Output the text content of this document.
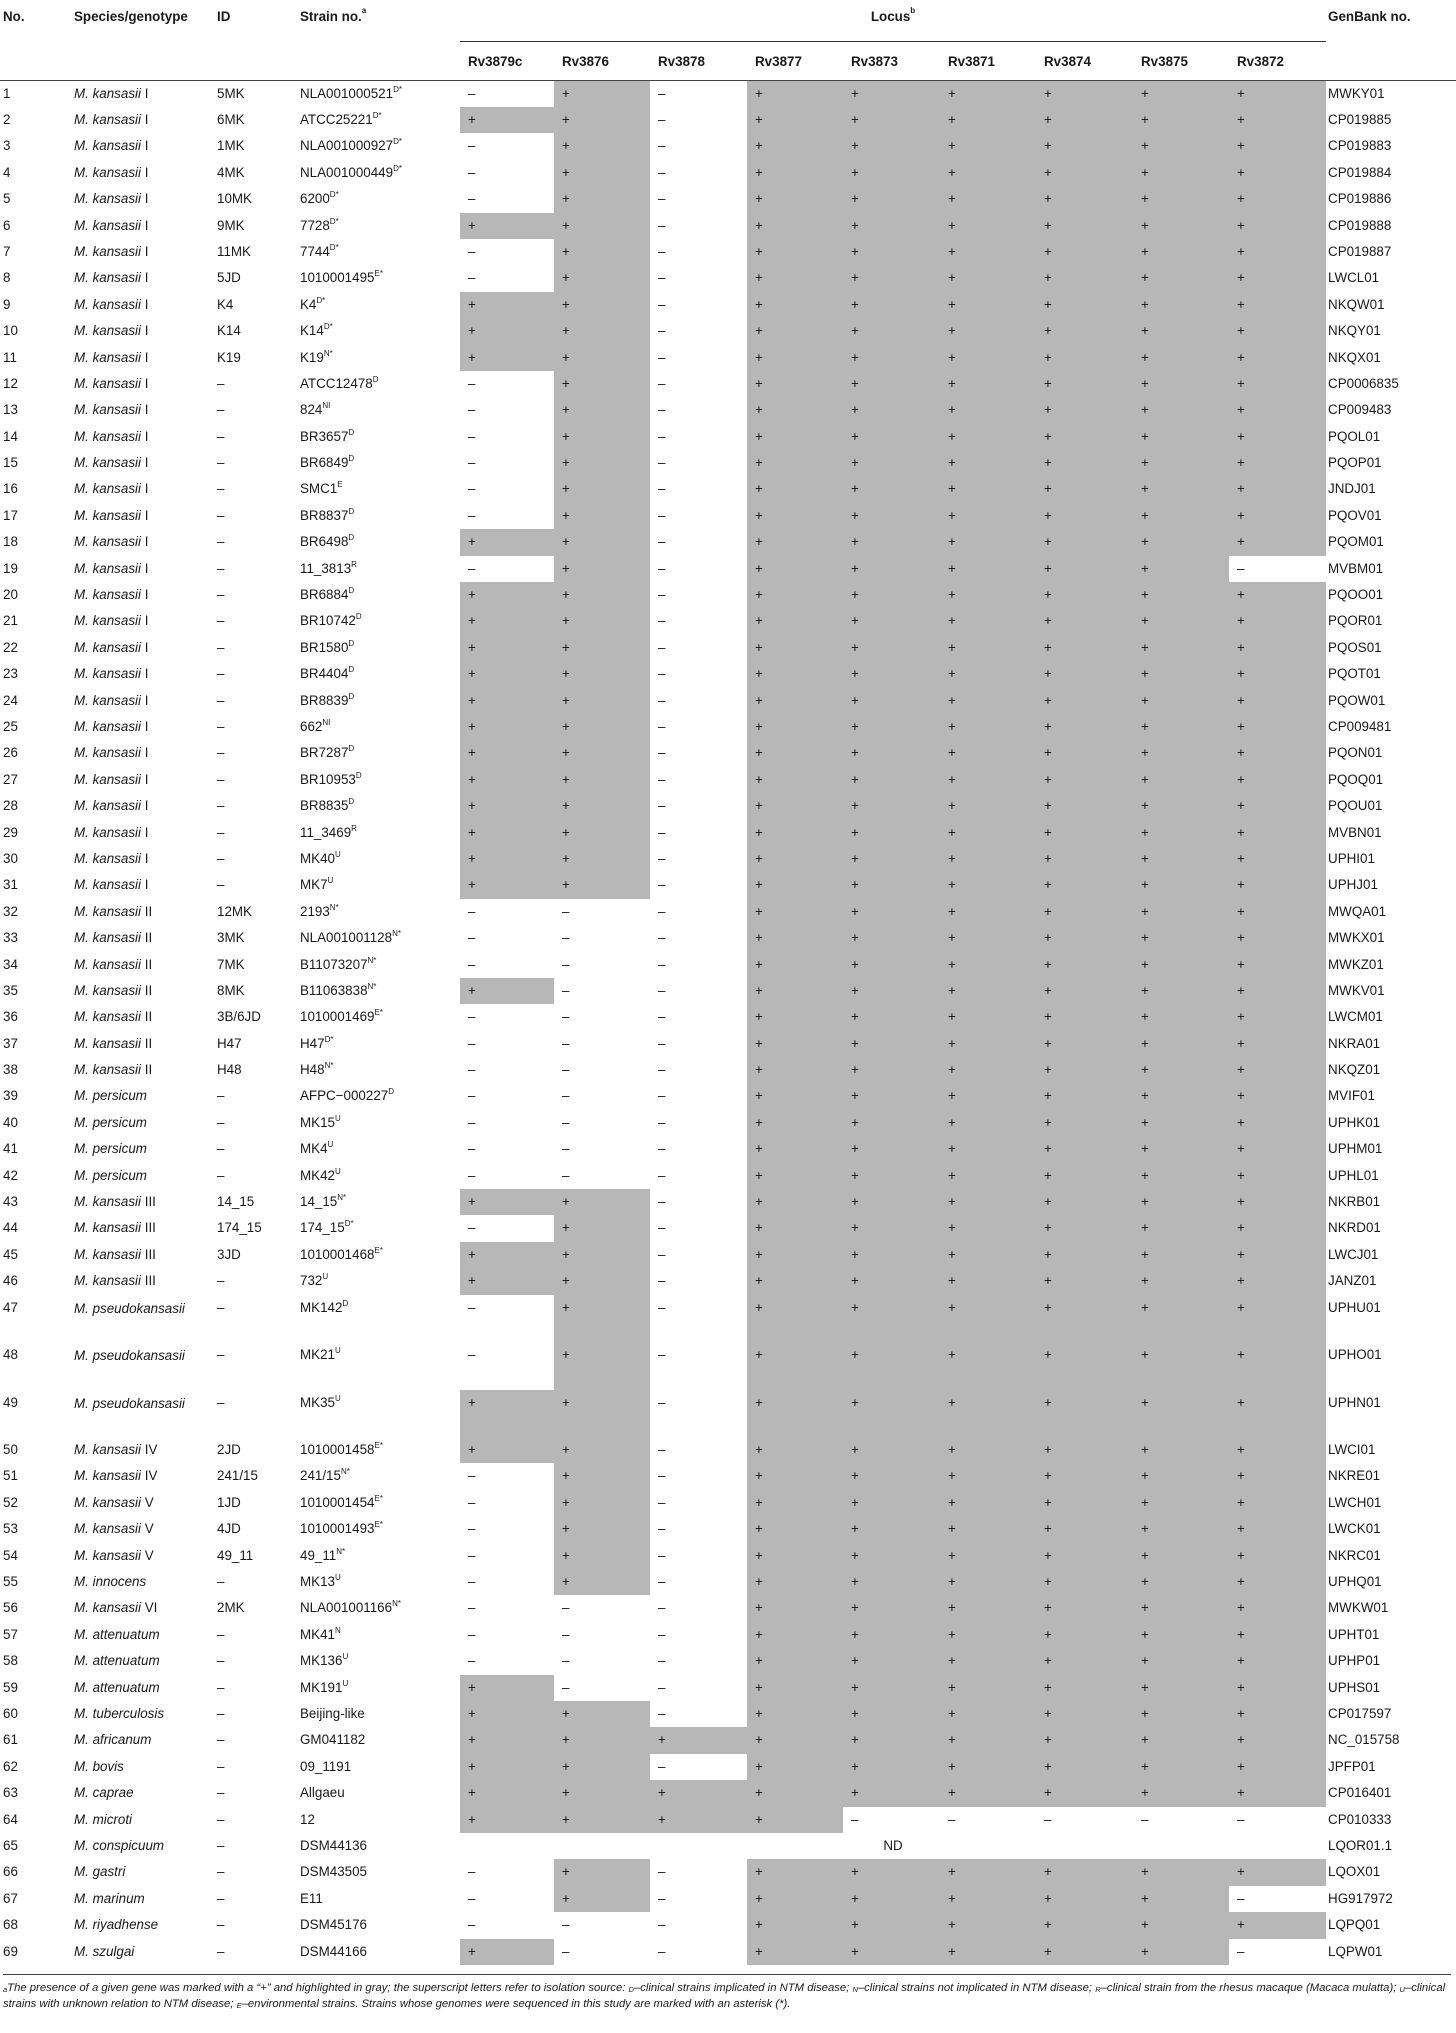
No.	Species/genotype	ID	Strain no.$^a$	Locus$^b$									GenBank no.
				Rv3879c	Rv3876	Rv3878	Rv3877	Rv3873	Rv3871	Rv3874	Rv3875	Rv3872	
1	M. kansasii I	5MK	$NLA001000521^{D*}$	–	+	–	+	+	+	+	+	+	MWKY01
2	M. kansasii I	6MK	$ATCC25221^{D*}$	+	+	–	+	+	+	+	+	+	CP019885
3	M. kansasii I	1MK	$NLA001000927^{D*}$	–	+	–	+	+	+	+	+	+	CP019883
4	M. kansasii I	4MK	$NLA001000449^{D*}$	–	+	–	+	+	+	+	+	+	CP019884
5	M. kansasii I	10MK	$6200^{D*}$	–	+	–	+	+	+	+	+	+	CP019886
6	M. kansasii I	9MK	$7728^{D*}$	+	+	–	+	+	+	+	+	+	CP019888
7	M. kansasii I	11MK	$7744^{D*}$	–	+	–	+	+	+	+	+	+	CP019887
8	M. kansasii I	5JD	$1010001495^{E*}$	–	+	–	+	+	+	+	+	+	LWCL01
9	M. kansasii I	K4	$K4^{D*}$	+	+	–	+	+	+	+	+	+	NKQW01
10	M. kansasii I	K14	$K14^{D*}$	+	+	–	+	+	+	+	+	+	NKQY01
11	M. kansasii I	K19	$K19^{N*}$	+	+	–	+	+	+	+	+	+	NKQX01
12	M. kansasii I	–	$ATCC12478^D$	–	+	–	+	+	+	+	+	+	CP0006835
13	M. kansasii I	–	$824^{NI}$	–	+	–	+	+	+	+	+	+	CP009483
14	M. kansasii I	–	$BR3657^D$	–	+	–	+	+	+	+	+	+	PQOL01
15	M. kansasii I	–	$BR6849^D$	–	+	–	+	+	+	+	+	+	PQOP01
16	M. kansasii I	–	$SMC1^E$	–	+	–	+	+	+	+	+	+	JNDJ01
17	M. kansasii I	–	$BR8837^D$	–	+	–	+	+	+	+	+	+	PQOV01
18	M. kansasii I	–	$BR6498^D$	+	+	–	+	+	+	+	+	+	PQOM01
19	M. kansasii I	–	$11\_3813^R$	–	+	–	+	+	+	+	+	–	MVBM01
20	M. kansasii I	–	$BR6884^D$	+	+	–	+	+	+	+	+	+	PQOO01
21	M. kansasii I	–	$BR10742^D$	+	+	–	+	+	+	+	+	+	PQOR01
22	M. kansasii I	–	$BR1580^D$	+	+	–	+	+	+	+	+	+	PQOS01
23	M. kansasii I	–	$BR4404^D$	+	+	–	+	+	+	+	+	+	PQOT01
24	M. kansasii I	–	$BR8839^D$	+	+	–	+	+	+	+	+	+	PQOW01
25	M. kansasii I	–	$662^{NI}$	+	+	–	+	+	+	+	+	+	CP009481
26	M. kansasii I	–	$BR7287^D$	+	+	–	+	+	+	+	+	+	PQON01
27	M. kansasii I	–	$BR10953^D$	+	+	–	+	+	+	+	+	+	PQOQ01
28	M. kansasii I	–	$BR8835^D$	+	+	–	+	+	+	+	+	+	PQOU01
29	M. kansasii I	–	$11\_3469^R$	+	+	–	+	+	+	+	+	+	MVBN01
30	M. kansasii I	–	$MK40^U$	+	+	–	+	+	+	+	+	+	UPHI01
31	M. kansasii I	–	$MK7^U$	+	+	–	+	+	+	+	+	+	UPHJ01
32	M. kansasii II	12MK	$2193^{N*}$	–	–	–	+	+	+	+	+	+	MWQA01
33	M. kansasii II	3MK	$NLA001001128^{N*}$	–	–	–	+	+	+	+	+	+	MWKX01
34	M. kansasii II	7MK	$B11073207^{N*}$	–	–	–	+	+	+	+	+	+	MWKZ01
35	M. kansasii II	8MK	$B11063838^{N*}$	+	–	–	+	+	+	+	+	+	MWKV01
36	M. kansasii II	3B/6JD	$1010001469^{E*}$	–	–	–	+	+	+	+	+	+	LWCM01
37	M. kansasii II	H47	$H47^{D*}$	–	–	–	+	+	+	+	+	+	NKRA01
38	M. kansasii II	H48	$H48^{N*}$	–	–	–	+	+	+	+	+	+	NKQZ01
39	M. persicum	–	$AFPC-000227^D$	–	–	–	+	+	+	+	+	+	MVIF01
40	M. persicum	–	$MK15^U$	–	–	–	+	+	+	+	+	+	UPHK01
41	M. persicum	–	$MK4^U$	–	–	–	+	+	+	+	+	+	UPHM01
42	M. persicum	–	$MK42^U$	–	–	–	+	+	+	+	+	+	UPHL01
43	M. kansasii III	14_15	$14\_15^{N*}$	+	+	–	+	+	+	+	+	+	NKRB01
44	M. kansasii III	174_15	$174\_15^{D*}$	–	+	–	+	+	+	+	+	+	NKRD01
45	M. kansasii III	3JD	$1010001468^{E*}$	+	+	–	+	+	+	+	+	+	LWCJ01
46	M. kansasii III	–	$732^U$	+	+	–	+	+	+	+	+	+	JANZ01
47	M. pseudokansasii	–	$MK142^D$	–	+	–	+	+	+	+	+	+	UPHU01
48	M. pseudokansasii	–	$MK21^U$	–	+	–	+	+	+	+	+	+	UPHO01
49	M. pseudokansasii	–	$MK35^U$	+	+	–	+	+	+	+	+	+	UPHN01
50	M. kansasii IV	2JD	$1010001458^{E*}$	+	+	–	+	+	+	+	+	+	LWCI01
51	M. kansasii IV	241/15	$241/15^{N*}$	–	+	–	+	+	+	+	+	+	NKRE01
52	M. kansasii V	1JD	$1010001454^{E*}$	–	+	–	+	+	+	+	+	+	LWCH01
53	M. kansasii V	4JD	$1010001493^{E*}$	–	+	–	+	+	+	+	+	+	LWCK01
54	M. kansasii V	49_11	$49\_11^{N*}$	–	+	–	+	+	+	+	+	+	NKRC01
55	M. innocens	–	$MK13^U$	–	+	–	+	+	+	+	+	+	UPHQ01
56	M. kansasii VI	2MK	$NLA001001166^{N*}$	–	–	–	+	+	+	+	+	+	MWKW01
57	M. attenuatum	–	$MK41^N$	–	–	–	+	+	+	+	+	+	UPHT01
58	M. attenuatum	–	$MK136^U$	–	–	–	+	+	+	+	+	+	UPHP01
59	M. attenuatum	–	$MK191^U$	+	–	–	+	+	+	+	+	+	UPHS01
60	M. tuberculosis	–	Beijing-like	+	+	–	+	+	+	+	+	+	CP017597
61	M. africanum	–	GM041182	+	+	+	+	+	+	+	+	+	NC_015758
62	M. bovis	–	09_1191	+	+	–	+	+	+	+	+	+	JPFP01
63	M. caprae	–	Allgaeu	+	+	+	+	+	+	+	+	+	CP016401
64	M. microti	–	12	+	+	+	+	–	–	–	–	–	CP010333
65	M. conspicuum	–	DSM44136	ND									LQOR01.1
66	M. gastri	–	DSM43505	–	+	–	+	+	+	+	+	+	LQOX01
67	M. marinum	–	E11	–	+	–	+	+	+	+	+	–	HG917972
68	M. riyadhense	–	DSM45176	–	–	–	+	+	+	+	+	+	LQPQ01
69	M. szulgai	–	DSM44166	+	–	–	+	+	+	+	+	–	LQPW01
$^a$The presence of a given gene was marked with a “+” and highlighted in gray; the superscript letters refer to isolation source: $^D$–clinical strains implicated in NTM disease; $^N$–clinical strains not implicated in NTM disease; $^R$–clinical strain from the rhesus macaque (Macaca mulatta); $^U$–clinical strains with unknown relation to NTM disease; $^E$–environmental strains. Strains whose genomes were sequenced in this study are marked with an asterisk (*).
